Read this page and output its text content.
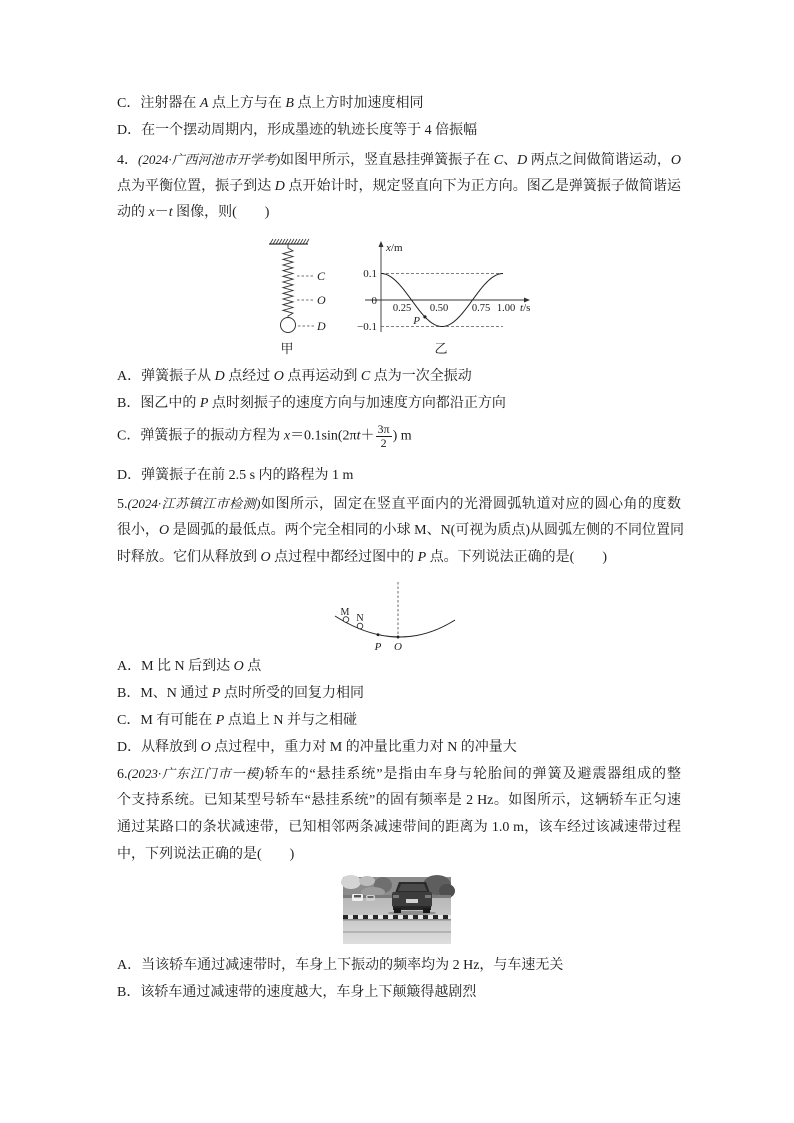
C．注射器在 A 点上方与在 B 点上方时加速度相同
D．在一个摆动周期内，形成墨迹的轨迹长度等于 4 倍振幅
4．(2024·广西河池市开学考)如图甲所示，竖直悬挂弹簧振子在 C、D 两点之间做简谐运动，O
点为平衡位置，振子到达 D 点开始计时，规定竖直向下为正方向。图乙是弹簧振子做简谐运
动的 x－t 图像，则(　　)
C
O
D
甲
x/m
0.1
0
−0.1
0.25 0.50 0.75 1.00 t/s
P
乙
A．弹簧振子从 D 点经过 O 点再运动到 C 点为一次全振动
B．图乙中的 P 点时刻振子的速度方向与加速度方向都沿正方向
C．弹簧振子的振动方程为 $x=0.1\sin(2\pi t+ \frac{3\pi}{2}$ ) m
D．弹簧振子在前 2.5 s 内的路程为 1 m
5.(2024·江苏镇江市检测)如图所示，固定在竖直平面内的光滑圆弧轨道对应的圆心角的度数
很小，O 是圆弧的最低点。两个完全相同的小球 M、N(可视为质点)从圆弧左侧的不同位置同
时释放。它们从释放到 O 点过程中都经过图中的 P 点。下列说法正确的是(　　)
M
N
P O
A．M 比 N 后到达 O 点
B．M、N 通过 P 点时所受的回复力相同
C．M 有可能在 P 点追上 N 并与之相碰
D．从释放到 O 点过程中，重力对 M 的冲量比重力对 N 的冲量大
6.(2023·广东江门市一模)轿车的“悬挂系统”是指由车身与轮胎间的弹簧及避震器组成的整
个支持系统。已知某型号轿车“悬挂系统”的固有频率是 2 Hz。如图所示，这辆轿车正匀速
通过某路口的条状减速带，已知相邻两条减速带间的距离为 1.0 m，该车经过该减速带过程
中，下列说法正确的是(　　)
A．当该轿车通过减速带时，车身上下振动的频率均为 2 Hz，与车速无关
B．该轿车通过减速带的速度越大，车身上下颠簸得越剧烈
